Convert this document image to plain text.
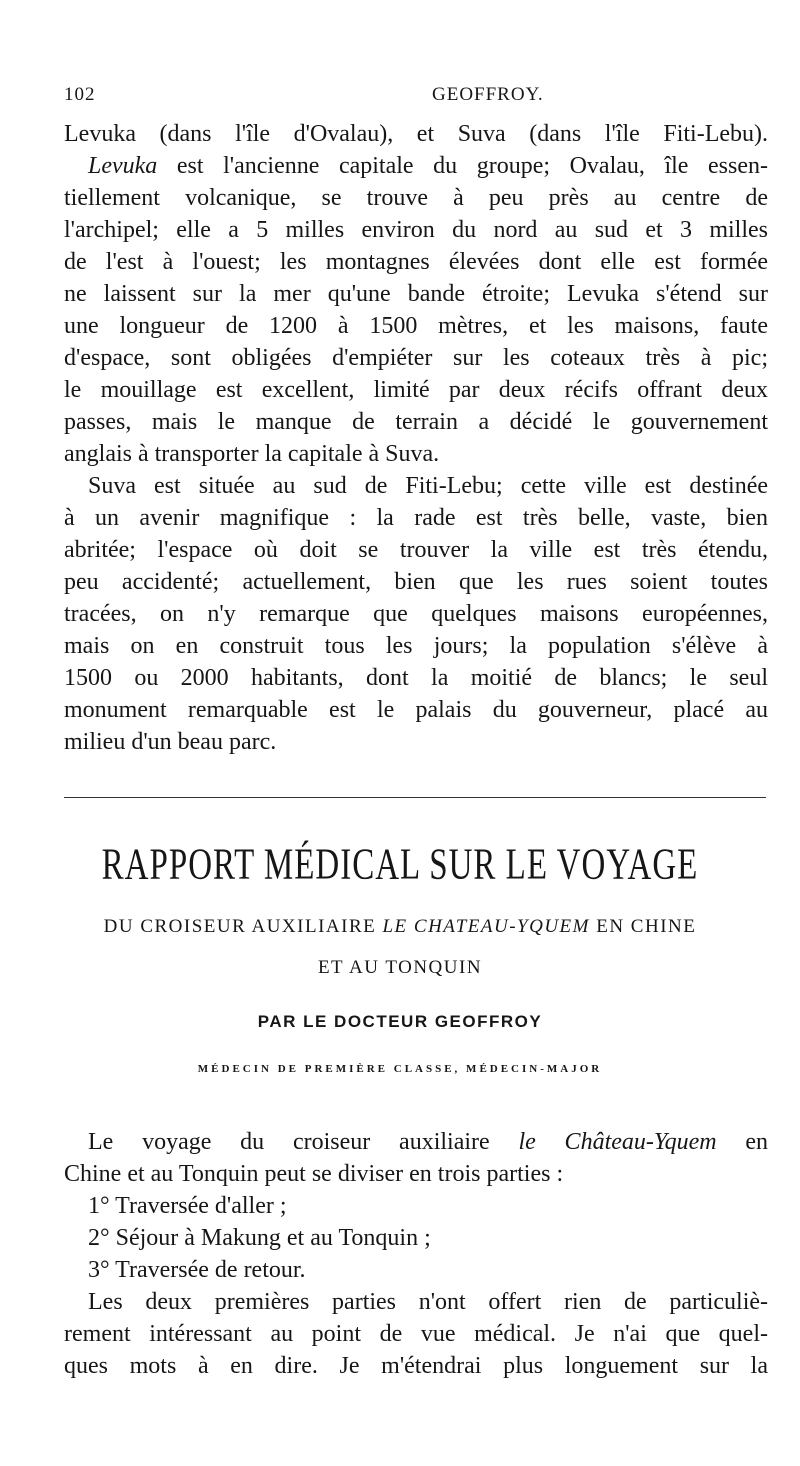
102	GEOFFROY.
Levuka (dans l'île d'Ovalau), et Suva (dans l'île Fiti-Lebu).
Levuka est l'ancienne capitale du groupe; Ovalau, île essen-
tiellement volcanique, se trouve à peu près au centre de
l'archipel; elle a 5 milles environ du nord au sud et 3 milles
de l'est à l'ouest; les montagnes élevées dont elle est formée
ne laissent sur la mer qu'une bande étroite; Levuka s'étend sur
une longueur de 1200 à 1500 mètres, et les maisons, faute
d'espace, sont obligées d'empiéter sur les coteaux très à pic;
le mouillage est excellent, limité par deux récifs offrant deux
passes, mais le manque de terrain a décidé le gouvernement
anglais à transporter la capitale à Suva.
Suva est située au sud de Fiti-Lebu; cette ville est destinée
à un avenir magnifique : la rade est très belle, vaste, bien
abritée; l'espace où doit se trouver la ville est très étendu,
peu accidenté; actuellement, bien que les rues soient toutes
tracées, on n'y remarque que quelques maisons européennes,
mais on en construit tous les jours; la population s'élève à
1500 ou 2000 habitants, dont la moitié de blancs; le seul
monument remarquable est le palais du gouverneur, placé au
milieu d'un beau parc.
RAPPORT MÉDICAL SUR LE VOYAGE
DU CROISEUR AUXILIAIRE LE CHATEAU-YQUEM EN CHINE
ET AU TONQUIN
PAR LE DOCTEUR GEOFFROY
MÉDECIN DE PREMIÈRE CLASSE, MÉDECIN-MAJOR
Le voyage du croiseur auxiliaire le Château-Yquem en
Chine et au Tonquin peut se diviser en trois parties :
1° Traversée d'aller ;
2° Séjour à Makung et au Tonquin ;
3° Traversée de retour.
Les deux premières parties n'ont offert rien de particuliè-
rement intéressant au point de vue médical. Je n'ai que quel-
ques mots à en dire. Je m'étendrai plus longuement sur la
